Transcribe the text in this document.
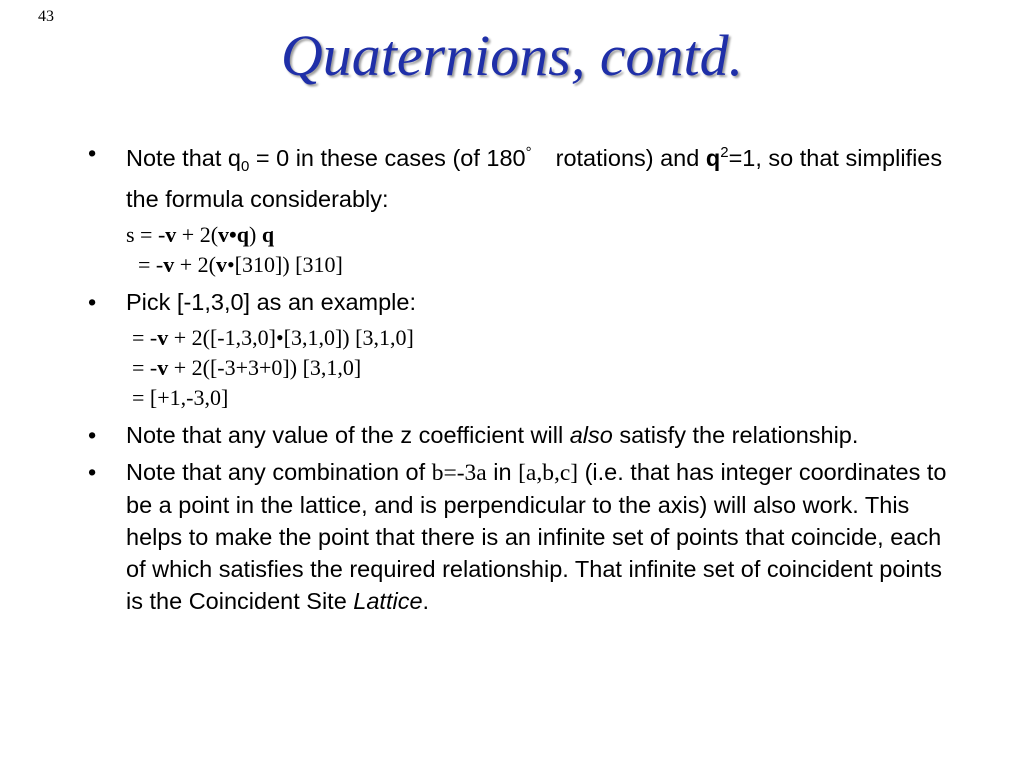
43
Quaternions, contd.
• Note that $q_0 = 0$ in these cases (of 180° rotations) and $q^2=1$, so that simplifies the formula considerably:
s = -v + 2(v•q) q
= -v + 2(v•[310]) [310]
• Pick [-1,3,0] as an example:
= -v + 2([-1,3,0]•[3,1,0]) [3,1,0]
= -v + 2([-3+3+0]) [3,1,0]
= [+1,-3,0]
• Note that any value of the z coefficient will also satisfy the relationship.
• Note that any combination of b=-3a in [a,b,c] (i.e. that has integer coordinates to be a point in the lattice, and is perpendicular to the axis) will also work. This helps to make the point that there is an infinite set of points that coincide, each of which satisfies the required relationship. That infinite set of coincident points is the Coincident Site Lattice.
